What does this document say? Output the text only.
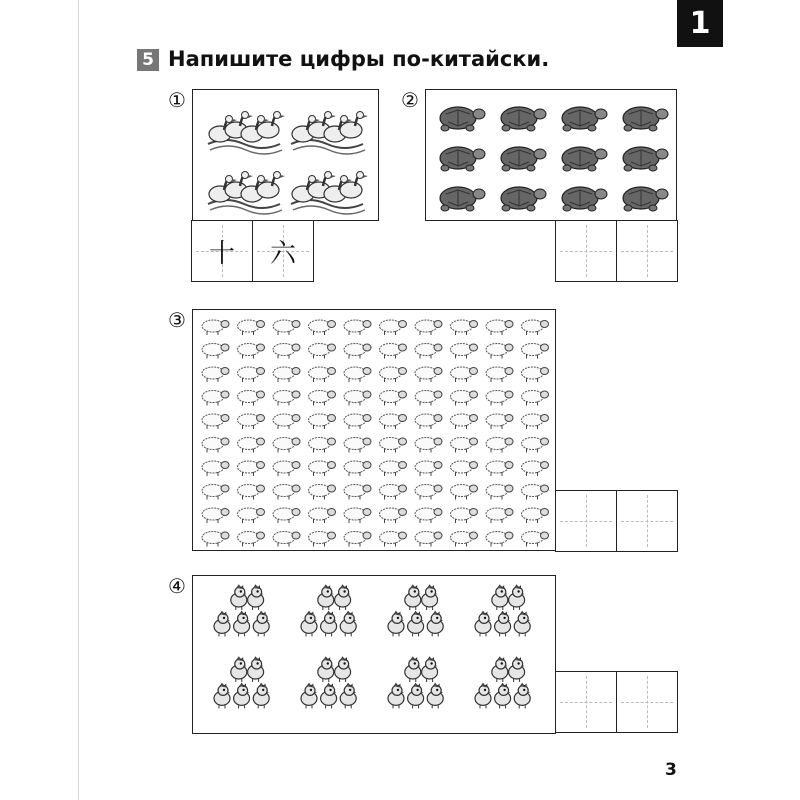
1
5 Напишите цифры по-китайски.
①
十 六
②
③
④
3
